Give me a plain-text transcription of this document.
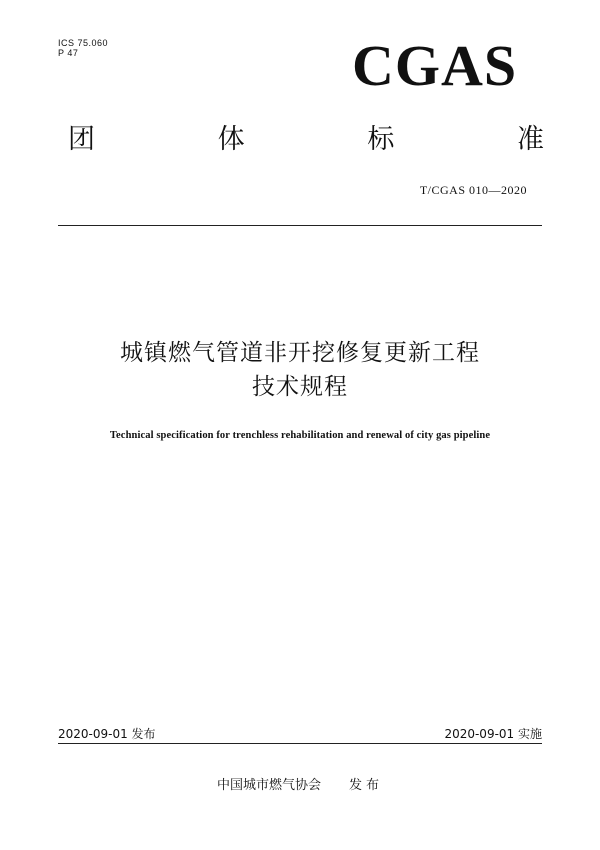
ICS 75.060
P 47	CGAS
团	体	标	准
T/CGAS 010—2020
城镇燃气管道非开挖修复更新工程
技术规程
Technical specification for trenchless rehabilitation and renewal of city gas pipeline
2020-09-01 发布	2020-09-01 实施
中国城市燃气协会 发布
